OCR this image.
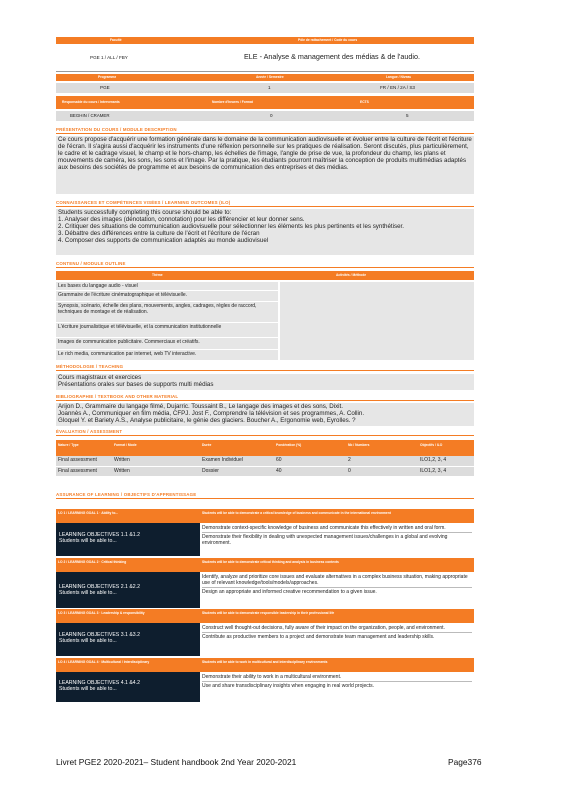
Faculté	Pôle de rattachement / Code du cours
PGE 1 / ALL / FBY	ELE - Analyse & management des médias & de l'audio.
Programme	Année / Semestre	Langue / Niveau
PGE	1	FR / EN / 2A / S3
Responsable du cours / Intervenants	Nombre d'heures / Format	ECTS
BEGHIN / CRAMER	0	5
PRÉSENTATION DU COURS / MODULE DESCRIPTION
Ce cours propose d'acquérir une formation générale dans le domaine de la communication audiovisuelle et évoluer entre la culture de l'écrit et l'écriture de l'écran. Il s'agira aussi d'acquérir les instruments d'une réflexion personnelle sur les pratiques de réalisation. Seront discutés, plus particulièrement, le cadre et le cadrage visuel, le champ et le hors-champ, les échelles de l'image, l'angle de prise de vue, la profondeur du champ, les plans et mouvements de caméra, les sons, les sons et l'image. Par la pratique, les étudiants pourront maîtriser la conception de produits multimédias adaptés aux besoins des sociétés de programme et aux besoins de communication des entreprises et des médias.
CONNAISSANCES ET COMPÉTENCES VISÉES / LEARNING OUTCOMES (ILO)
Students successfully completing this course should be able to:
1. Analyser des images (dénotation, connotation) pour les différencier et leur donner sens.
2. Critiquer des situations de communication audiovisuelle pour sélectionner les éléments les plus pertinents et les synthétiser.
3. Débattre des différences entre la culture de l'écrit et l'écriture de l'écran
4. Composer des supports de communication adaptés au monde audiovisuel
CONTENU / MODULE OUTLINE
Thème	Activités / Méthode
Les bases du langage audio - visuel
Grammaire de l'écriture cinématographique et télévisuelle.
Synopsis, scénario, échelle des plans, mouvements, angles, cadrages, règles de raccord, techniques de montage et de réalisation.
L'écriture journalistique et télévisuelle, et la communication institutionnelle
Images de communication publicitaire. Commerciaux et créatifs.
Le rich media, communication par internet, web TV interactive.
MÉTHODOLOGIE / TEACHING
Cours magistraux et exercices
Présentations orales sur bases de supports multi médias
BIBLIOGRAPHIE / TEXTBOOK AND OTHER MATERIAL
Arijon D., Grammaire du langage filmé, Dujarric. Toussaint B., Le langage des images et des sons, Dixit.
Joannès A., Communiquer en film média, CFPJ. Jost F., Comprendre la télévision et ses programmes, A. Collin.
Gloquel Y. et Bariety A.S., Analyse publicitaire, le génie des glaciers. Boucher A., Ergonomie web, Eyrolles. ?
ÉVALUATION / ASSESSMENT
Nature / Type	Format / Mode	Durée	Pondération (%)	Nb / Numbers	Objectifs / ILO
Final assessment	Written	Examen Individuel	60	2	ILO1,2, 3, 4
Final assessment	Written	Dossier	40	0	ILO1,2, 3, 4
ASSURANCE OF LEARNING / OBJECTIFS D'APPRENTISSAGE
LO 1 / LEARNING GOAL 1 · Ability to...	Students will be able to demonstrate a critical knowledge of business and communicate in the international environment
LEARNING OBJECTIVES 1.1 &1.2
Students will be able to...
Demonstrate context-specific knowledge of business and communicate this effectively in written and oral form.
Demonstrate their flexibility in dealing with unexpected management issues/challenges in a global and evolving environment.
LO 2 / LEARNING GOAL 2 · Critical thinking	Students will be able to demonstrate critical thinking and analysis in business contexts
LEARNING OBJECTIVES 2.1 &2.2
Students will be able to...
Identify, analyze and prioritize core issues and evaluate alternatives in a complex business situation, making appropriate use of relevant knowledge/tools/models/approaches.
Design an appropriate and informed creative recommendation to a given issue.
LO 3 / LEARNING GOAL 3 · Leadership & responsibility	Students will be able to demonstrate responsible leadership in their professional life
LEARNING OBJECTIVES 3.1 &3.2
Students will be able to...
Construct well thought-out decisions, fully aware of their impact on the organization, people, and environment.
Contribute as productive members to a project and demonstrate team management and leadership skills.
LO 4 / LEARNING GOAL 4 · Multicultural / Interdisciplinary	Students will be able to work in multicultural and interdisciplinary environments
LEARNING OBJECTIVES 4.1 &4.2
Students will be able to...
Demonstrate their ability to work in a multicultural environment.
Use and share transdisciplinary insights when engaging in real world projects.
Livret PGE2 2020-2021– Student handbook 2nd Year 2020-2021	Page376
